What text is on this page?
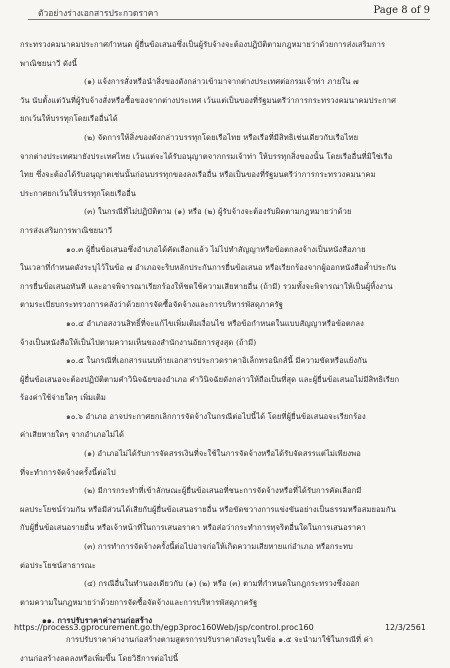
ตัวอย่างร่างเอกสารประกวดราคา	Page 8 of 9
กระทรวงคมนาคมประกาศกำหนด ผู้ยื่นข้อเสนอซึ่งเป็นผู้รับจ้างจะต้องปฏิบัติตามกฎหมายว่าด้วยการส่งเสริมการ
พาณิชยนาวี ดังนี้
(๑) แจ้งการสั่งหรือนำสิ่งของดังกล่าวเข้ามาจากต่างประเทศต่อกรมเจ้าท่า ภายใน ๗
วัน นับตั้งแต่วันที่ผู้รับจ้างสั่งหรือซื้อของจากต่างประเทศ เว้นแต่เป็นของที่รัฐมนตรีว่าการกระทรวงคมนาคมประกาศ
ยกเว้นให้บรรทุกโดยเรืออื่นได้
(๒) จัดการให้สิ่งของดังกล่าวบรรทุกโดยเรือไทย หรือเรือที่มีสิทธิเช่นเดียวกับเรือไทย
จากต่างประเทศมายังประเทศไทย เว้นแต่จะได้รับอนุญาตจากกรมเจ้าท่า ให้บรรทุกสิ่งของนั้น โดยเรืออื่นที่มิใช่เรือ
ไทย ซึ่งจะต้องได้รับอนุญาตเช่นนั้นก่อนบรรทุกของลงเรืออื่น หรือเป็นของที่รัฐมนตรีว่าการกระทรวงคมนาคม
ประกาศยกเว้นให้บรรทุกโดยเรืออื่น
(๓) ในกรณีที่ไม่ปฏิบัติตาม (๑) หรือ (๒) ผู้รับจ้างจะต้องรับผิดตามกฎหมายว่าด้วย
การส่งเสริมการพาณิชยนาวี
๑๐.๓ ผู้ยื่นข้อเสนอซึ่งอำเภอได้คัดเลือกแล้ว ไม่ไปทำสัญญาหรือข้อตกลงจ้างเป็นหนังสือภาย
ในเวลาที่กำหนดดังระบุไว้ในข้อ ๗ อำเภอจะริบหลักประกันการยื่นข้อเสนอ หรือเรียกร้องจากผู้ออกหนังสือค้ำประกัน
การยื่นข้อเสนอทันที และอาจพิจารณาเรียกร้องให้ชดใช้ความเสียหายอื่น (ถ้ามี) รวมทั้งจะพิจารณาให้เป็นผู้ทิ้งงาน
ตามระเบียบกระทรวงการคลังว่าด้วยการจัดซื้อจัดจ้างและการบริหารพัสดุภาครัฐ
๑๐.๔ อำเภอสงวนสิทธิ์ที่จะแก้ไขเพิ่มเติมเงื่อนไข หรือข้อกำหนดในแบบสัญญาหรือข้อตกลง
จ้างเป็นหนังสือให้เป็นไปตามความเห็นของสำนักงานอัยการสูงสุด (ถ้ามี)
๑๐.๕ ในกรณีที่เอกสารแนบท้ายเอกสารประกวดราคาอิเล็กทรอนิกส์นี้ มีความขัดหรือแย้งกัน
ผู้ยื่นข้อเสนอจะต้องปฏิบัติตามคำวินิจฉัยของอำเภอ คำวินิจฉัยดังกล่าวให้ถือเป็นที่สุด และผู้ยื่นข้อเสนอไม่มีสิทธิเรียก
ร้องค่าใช้จ่ายใดๆ เพิ่มเติม
๑๐.๖ อำเภอ อาจประกาศยกเลิกการจัดจ้างในกรณีต่อไปนี้ได้ โดยที่ผู้ยื่นข้อเสนอจะเรียกร้อง
ค่าเสียหายใดๆ จากอำเภอไม่ได้
(๑) อำเภอไม่ได้รับการจัดสรรเงินที่จะใช้ในการจัดจ้างหรือได้รับจัดสรรแต่ไม่เพียงพอ
ที่จะทำการจัดจ้างครั้งนี้ต่อไป
(๒) มีการกระทำที่เข้าลักษณะผู้ยื่นข้อเสนอที่ชนะการจัดจ้างหรือที่ได้รับการคัดเลือกมี
ผลประโยชน์ร่วมกัน หรือมีส่วนได้เสียกับผู้ยื่นข้อเสนอรายอื่น หรือขัดขวางการแข่งขันอย่างเป็นธรรมหรือสมยอมกัน
กับผู้ยื่นข้อเสนอรายอื่น หรือเจ้าหน้าที่ในการเสนอราคา หรือส่อว่ากระทำการทุจริตอื่นใดในการเสนอราคา
(๓) การทำการจัดจ้างครั้งนี้ต่อไปอาจก่อให้เกิดความเสียหายแก่อำเภอ หรือกระทบ
ต่อประโยชน์สาธารณะ
(๔) กรณีอื่นในทำนองเดียวกับ (๑) (๒) หรือ (๓) ตามที่กำหนดในกฎกระทรวงซึ่งออก
ตามความในกฎหมายว่าด้วยการจัดซื้อจัดจ้างและการบริหารพัสดุภาครัฐ
๑๑. การปรับราคาค่างานก่อสร้าง
การปรับราคาค่างานก่อสร้างตามสูตรการปรับราคาดังระบุในข้อ ๑.๕ จะนำมาใช้ในกรณีที่ ค่า
งานก่อสร้างลดลงหรือเพิ่มขึ้น โดยวิธีการต่อไปนี้
https://process3.gprocurement.go.th/egp3proc160Web/jsp/control.proc160	12/3/2561
